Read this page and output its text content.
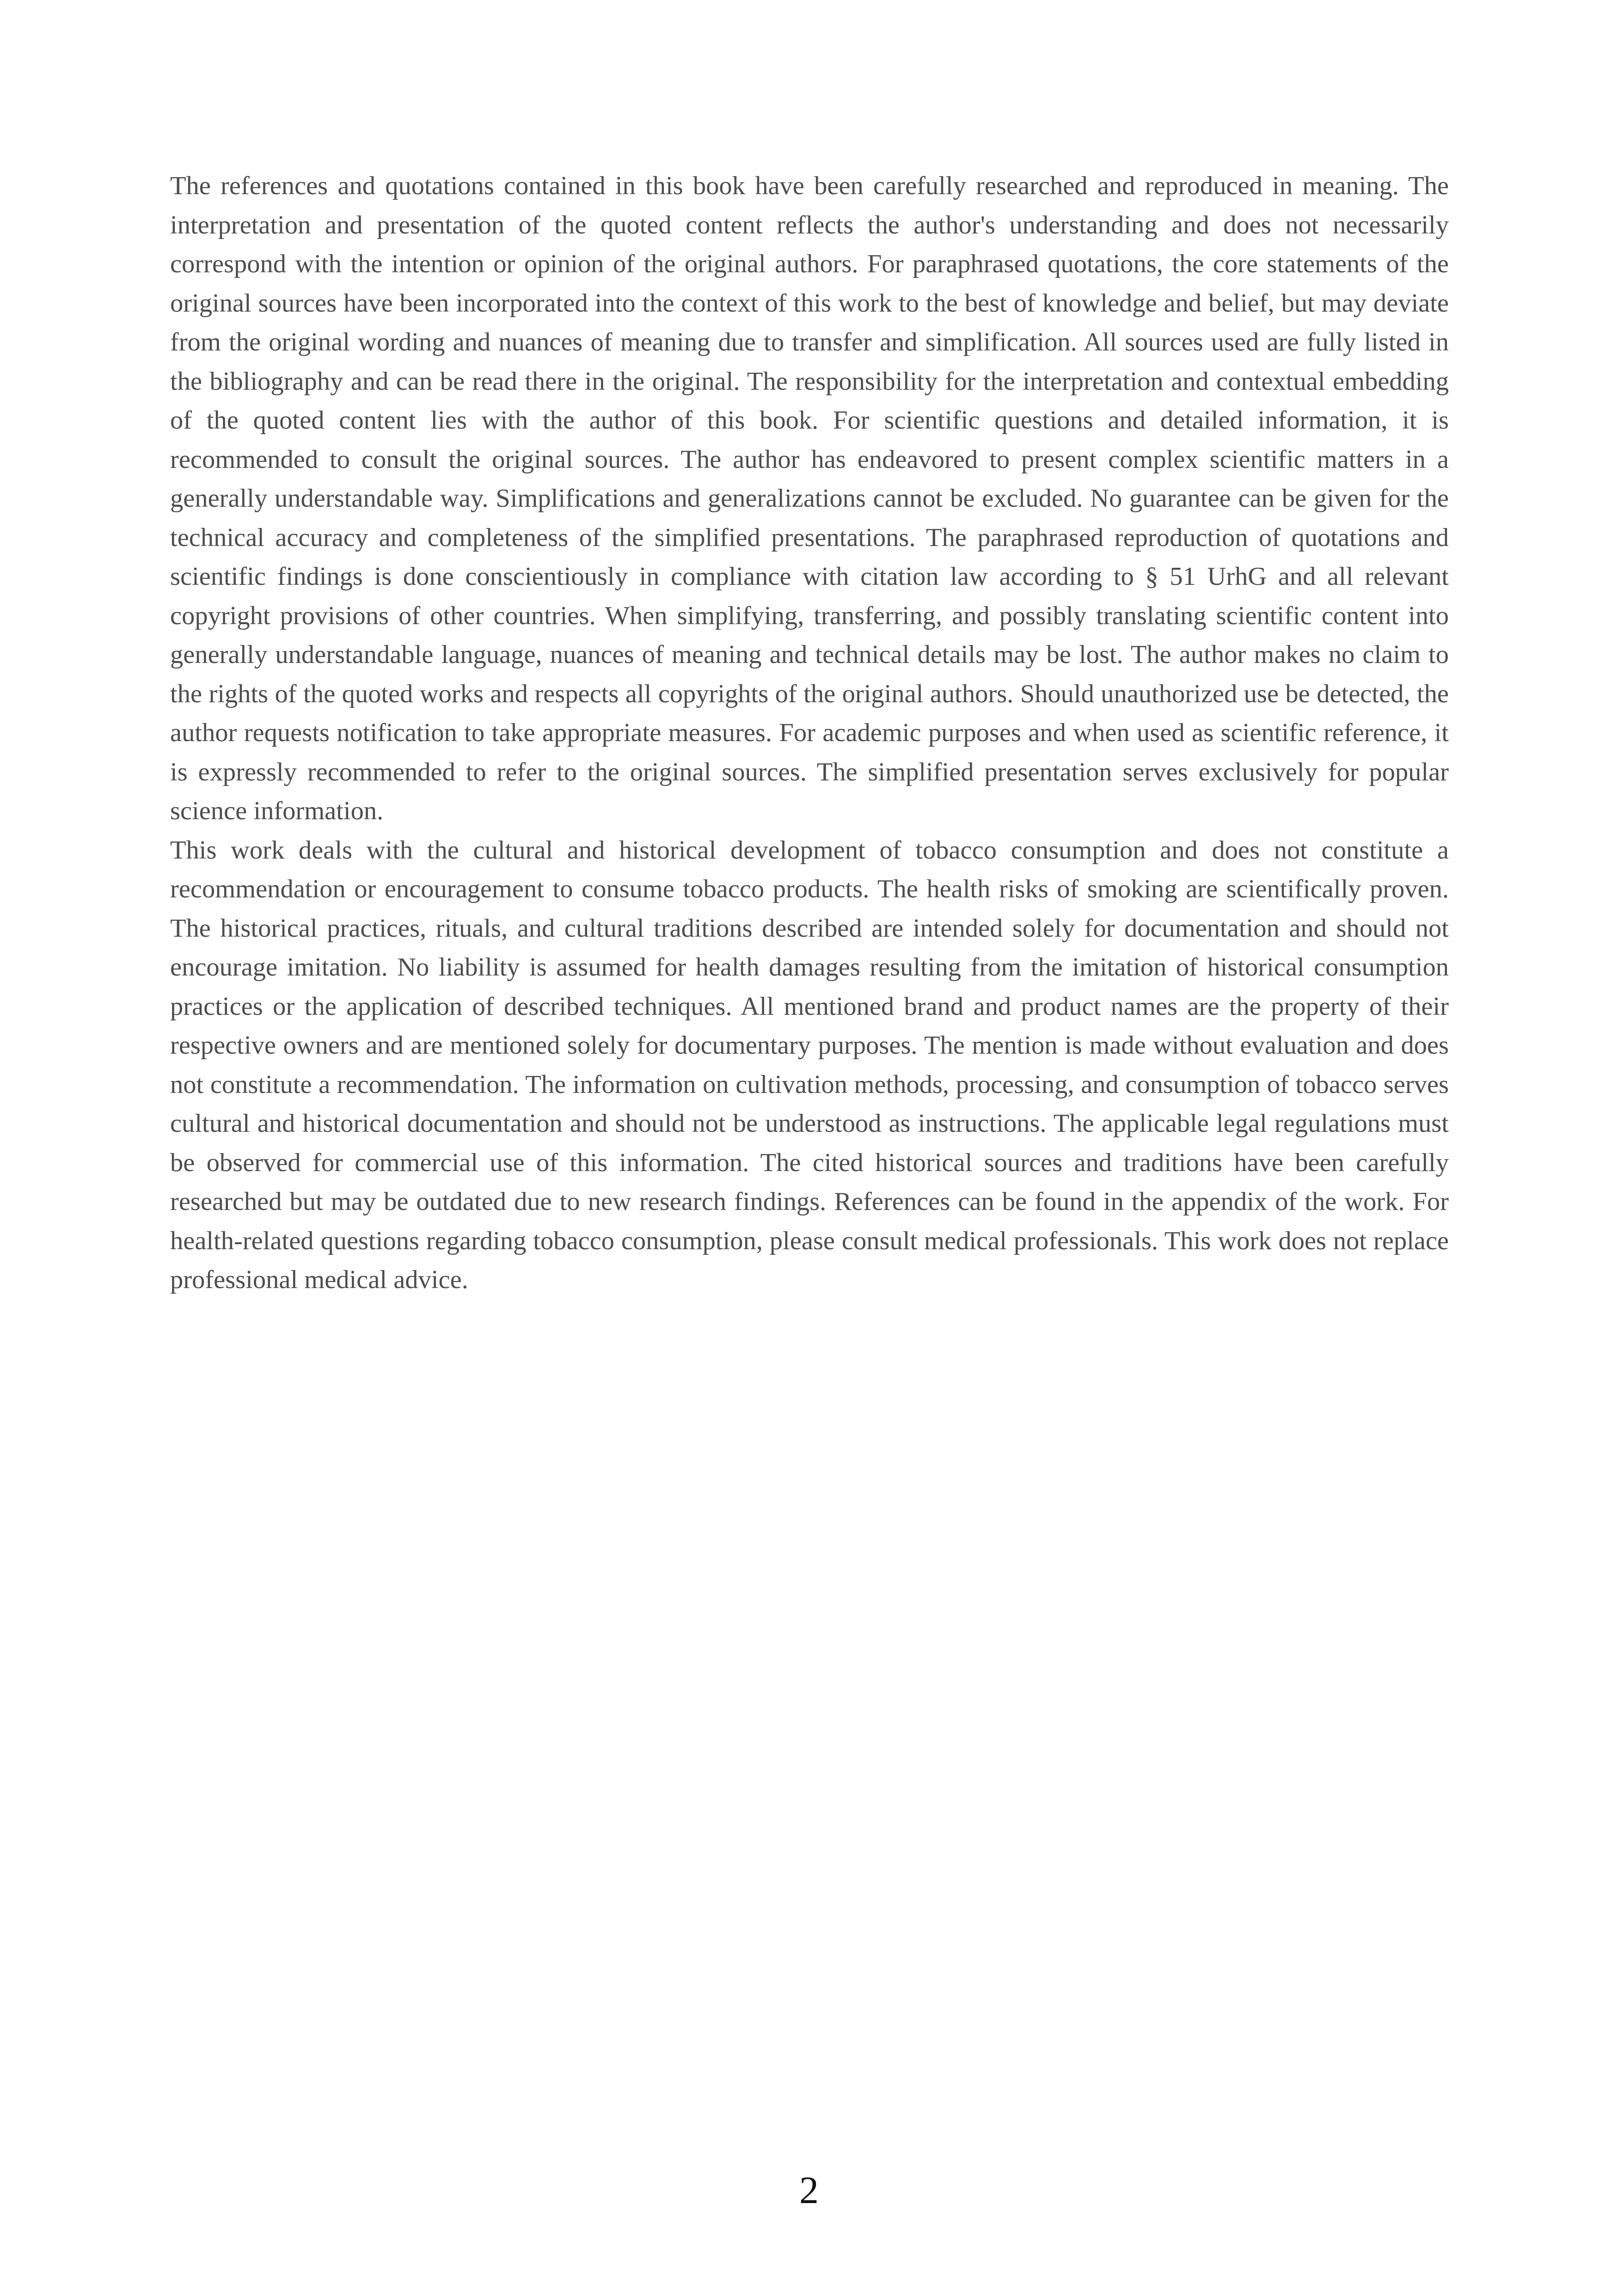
The references and quotations contained in this book have been carefully researched and reproduced in meaning. The interpretation and presentation of the quoted content reflects the author's understanding and does not necessarily correspond with the intention or opinion of the original authors. For paraphrased quotations, the core statements of the original sources have been incorporated into the context of this work to the best of knowledge and belief, but may deviate from the original wording and nuances of meaning due to transfer and simplification. All sources used are fully listed in the bibliography and can be read there in the original. The responsibility for the interpretation and contextual embedding of the quoted content lies with the author of this book. For scientific questions and detailed information, it is recommended to consult the original sources. The author has endeavored to present complex scientific matters in a generally understandable way. Simplifications and generalizations cannot be excluded. No guarantee can be given for the technical accuracy and completeness of the simplified presentations. The paraphrased reproduction of quotations and scientific findings is done conscientiously in compliance with citation law according to § 51 UrhG and all relevant copyright provisions of other countries. When simplifying, transferring, and possibly translating scientific content into generally understandable language, nuances of meaning and technical details may be lost. The author makes no claim to the rights of the quoted works and respects all copyrights of the original authors. Should unauthorized use be detected, the author requests notification to take appropriate measures. For academic purposes and when used as scientific reference, it is expressly recommended to refer to the original sources. The simplified presentation serves exclusively for popular science information.

This work deals with the cultural and historical development of tobacco consumption and does not constitute a recommendation or encouragement to consume tobacco products. The health risks of smoking are scientifically proven. The historical practices, rituals, and cultural traditions described are intended solely for documentation and should not encourage imitation. No liability is assumed for health damages resulting from the imitation of historical consumption practices or the application of described techniques. All mentioned brand and product names are the property of their respective owners and are mentioned solely for documentary purposes. The mention is made without evaluation and does not constitute a recommendation. The information on cultivation methods, processing, and consumption of tobacco serves cultural and historical documentation and should not be understood as instructions. The applicable legal regulations must be observed for commercial use of this information. The cited historical sources and traditions have been carefully researched but may be outdated due to new research findings. References can be found in the appendix of the work. For health-related questions regarding tobacco consumption, please consult medical professionals. This work does not replace professional medical advice.

2
